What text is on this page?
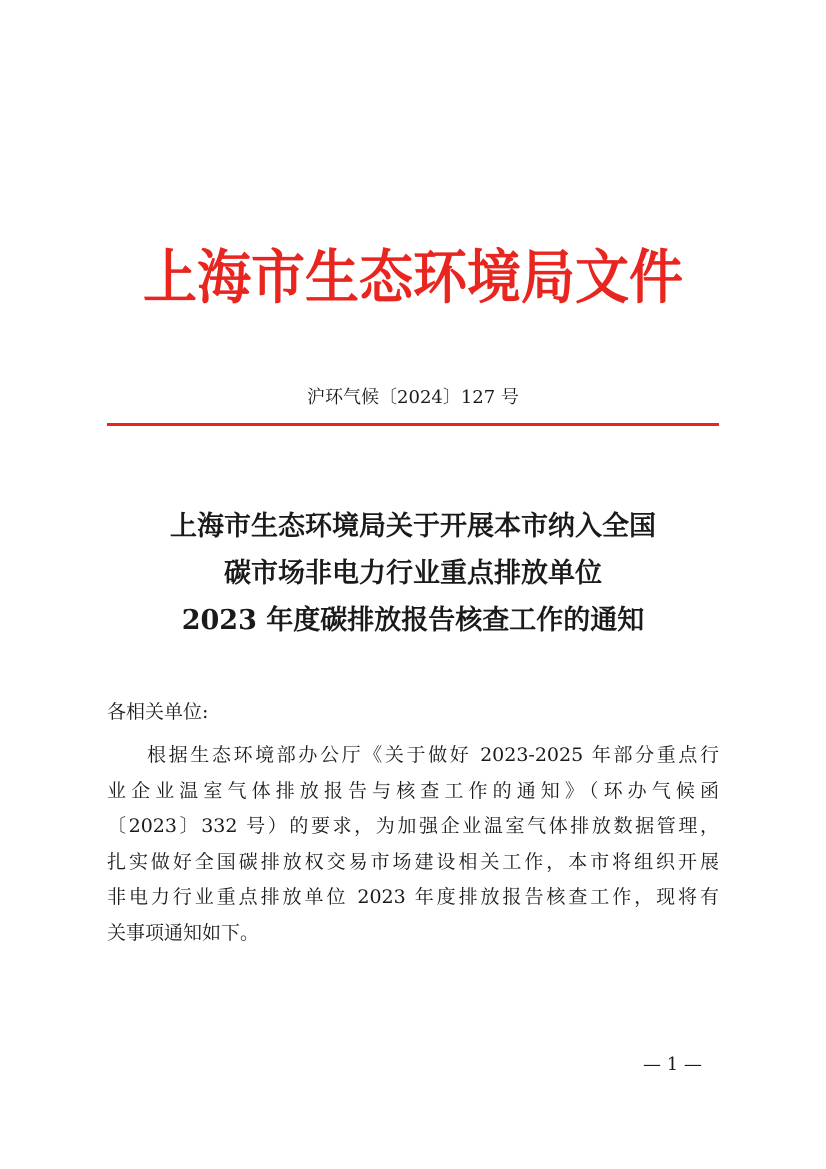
上海市生态环境局文件
沪环气候〔2024〕127 号
上海市生态环境局关于开展本市纳入全国
碳市场非电力行业重点排放单位
2023 年度碳排放报告核查工作的通知
各相关单位:
根据生态环境部办公厅《关于做好 2023-2025 年部分重点行
业企业温室气体排放报告与核查工作的通知》（环办气候函
〔2023〕332 号）的要求，为加强企业温室气体排放数据管理，
扎实做好全国碳排放权交易市场建设相关工作，本市将组织开展
非电力行业重点排放单位 2023 年度排放报告核查工作，现将有
关事项通知如下。
— 1 —
